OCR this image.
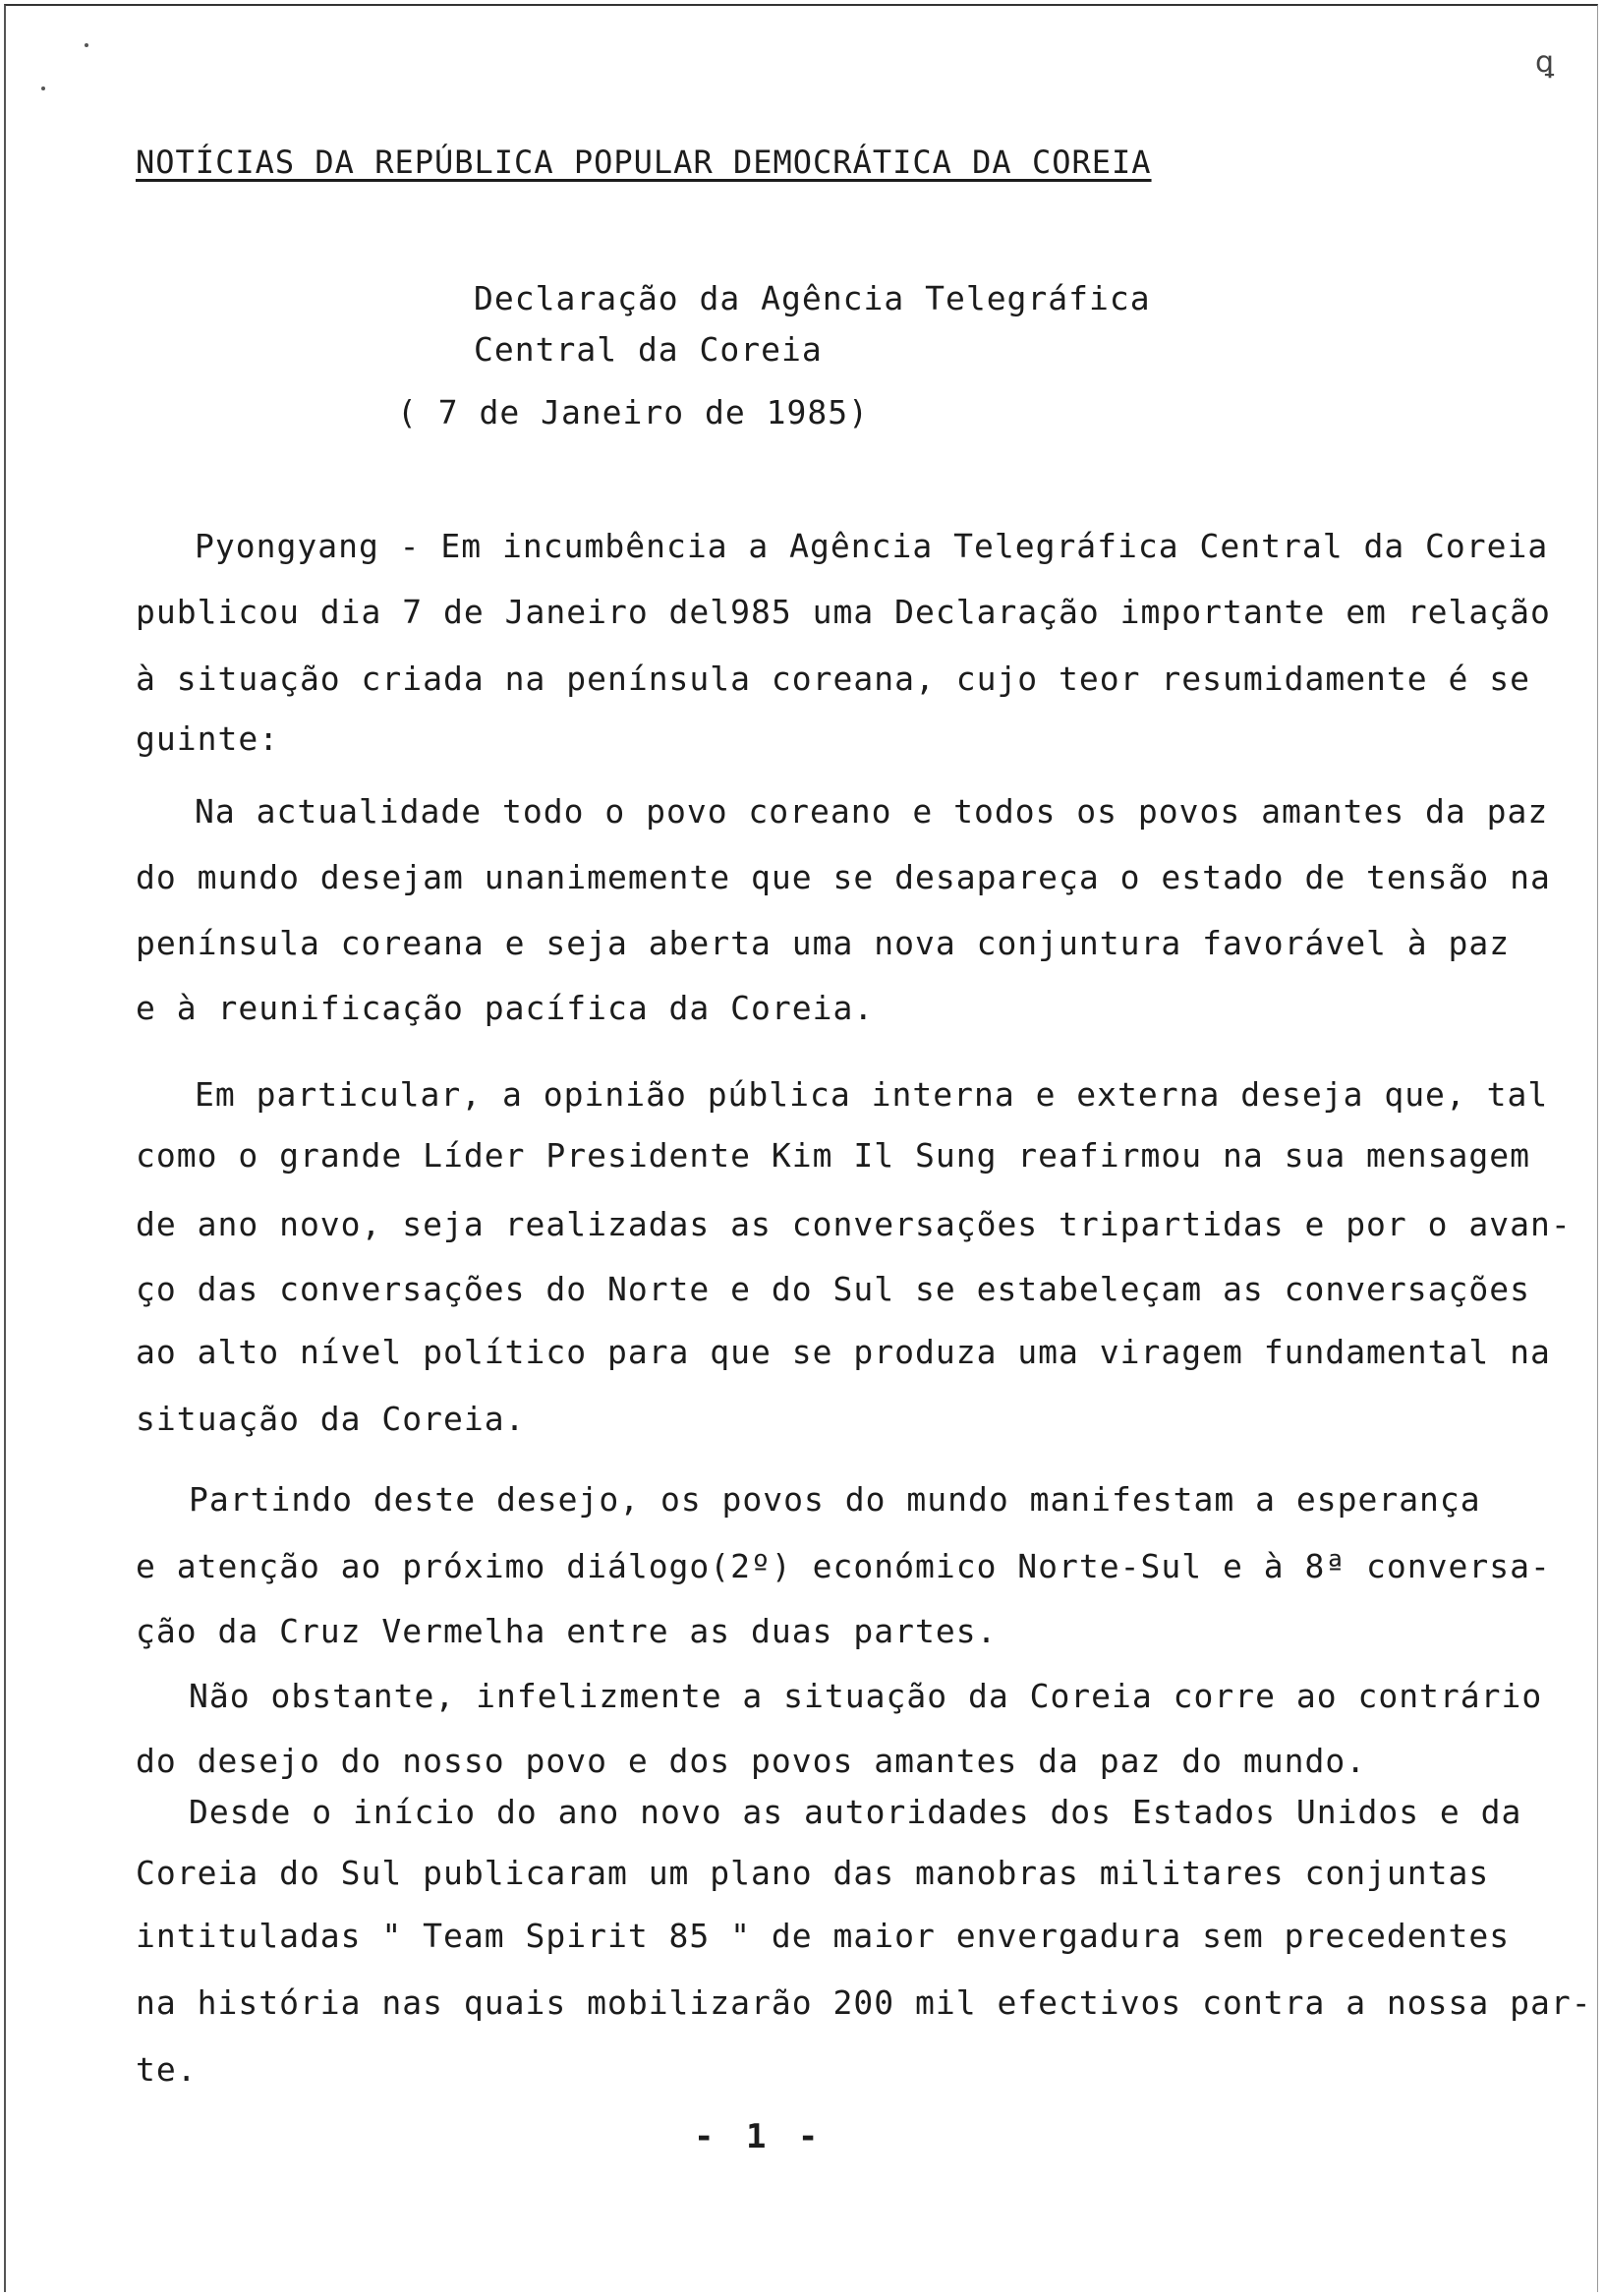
ꝗ
NOTÍCIAS DA REPÚBLICA POPULAR DEMOCRÁTICA DA COREIA
Declaração da Agência Telegráfica
Central da Coreia
( 7 de Janeiro de 1985)
Pyongyang - Em incumbência a Agência Telegráfica Central da Coreia
publicou dia 7 de Janeiro del985 uma Declaração importante em relação
à situação criada na península coreana, cujo teor resumidamente é se
guinte:
Na actualidade todo o povo coreano e todos os povos amantes da paz
do mundo desejam unanimemente que se desapareça o estado de tensão na
península coreana e seja aberta uma nova conjuntura favorável à paz
e à reunificação pacífica da Coreia.
Em particular, a opinião pública interna e externa deseja que, tal
como o grande Líder Presidente Kim Il Sung reafirmou na sua mensagem
de ano novo, seja realizadas as conversações tripartidas e por o avan-
ço das conversações do Norte e do Sul se estabeleçam as conversações
ao alto nível político para que se produza uma viragem fundamental na
situação da Coreia.
Partindo deste desejo, os povos do mundo manifestam a esperança
e atenção ao próximo diálogo(2º) económico Norte-Sul e à 8ª conversa-
ção da Cruz Vermelha entre as duas partes.
Não obstante, infelizmente a situação da Coreia corre ao contrário
do desejo do nosso povo e dos povos amantes da paz do mundo.
Desde o início do ano novo as autoridades dos Estados Unidos e da
Coreia do Sul publicaram um plano das manobras militares conjuntas
intituladas " Team Spirit 85 " de maior envergadura sem precedentes
na história nas quais mobilizarão 200 mil efectivos contra a nossa par-
te.
- 1 -
